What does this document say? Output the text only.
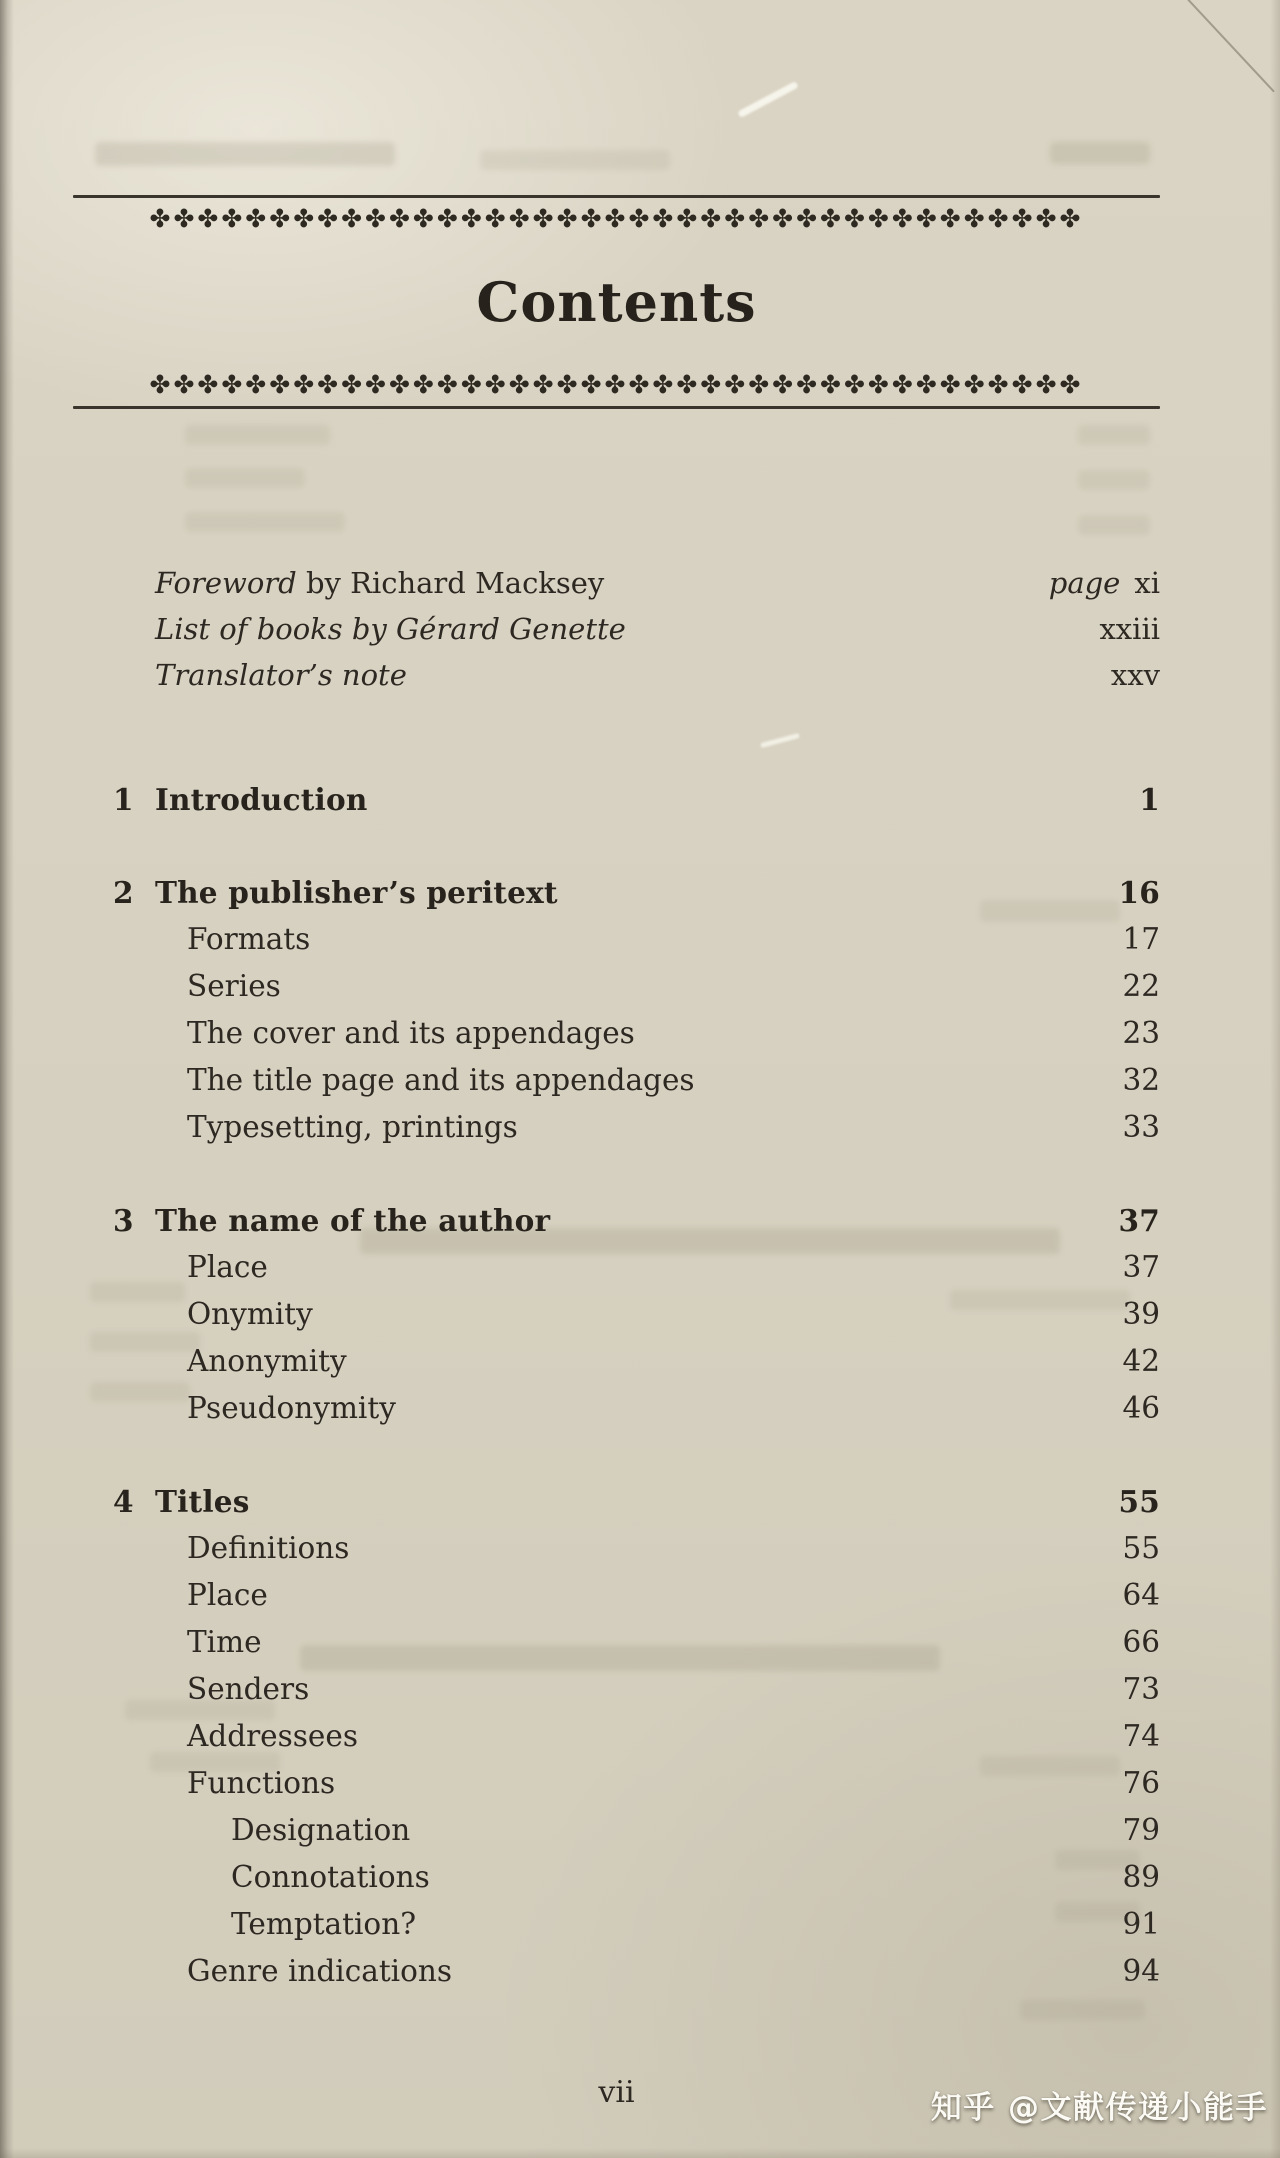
✤✤✤✤✤✤✤✤✤✤✤✤✤✤✤✤✤✤✤✤✤✤✤✤✤✤✤✤✤✤✤✤✤✤✤✤✤✤✤
Contents
✤✤✤✤✤✤✤✤✤✤✤✤✤✤✤✤✤✤✤✤✤✤✤✤✤✤✤✤✤✤✤✤✤✤✤✤✤✤✤
Foreword by Richard Macksey	page xi
List of books by Gérard Genette	xxiii
Translator’s note	xxv
1 Introduction	1
2 The publisher’s peritext	16
Formats	17
Series	22
The cover and its appendages	23
The title page and its appendages	32
Typesetting, printings	33
3 The name of the author	37
Place	37
Onymity	39
Anonymity	42
Pseudonymity	46
4 Titles	55
Definitions	55
Place	64
Time	66
Senders	73
Addressees	74
Functions	76
Designation	79
Connotations	89
Temptation?	91
Genre indications	94
vii	知乎 @文献传递小能手
